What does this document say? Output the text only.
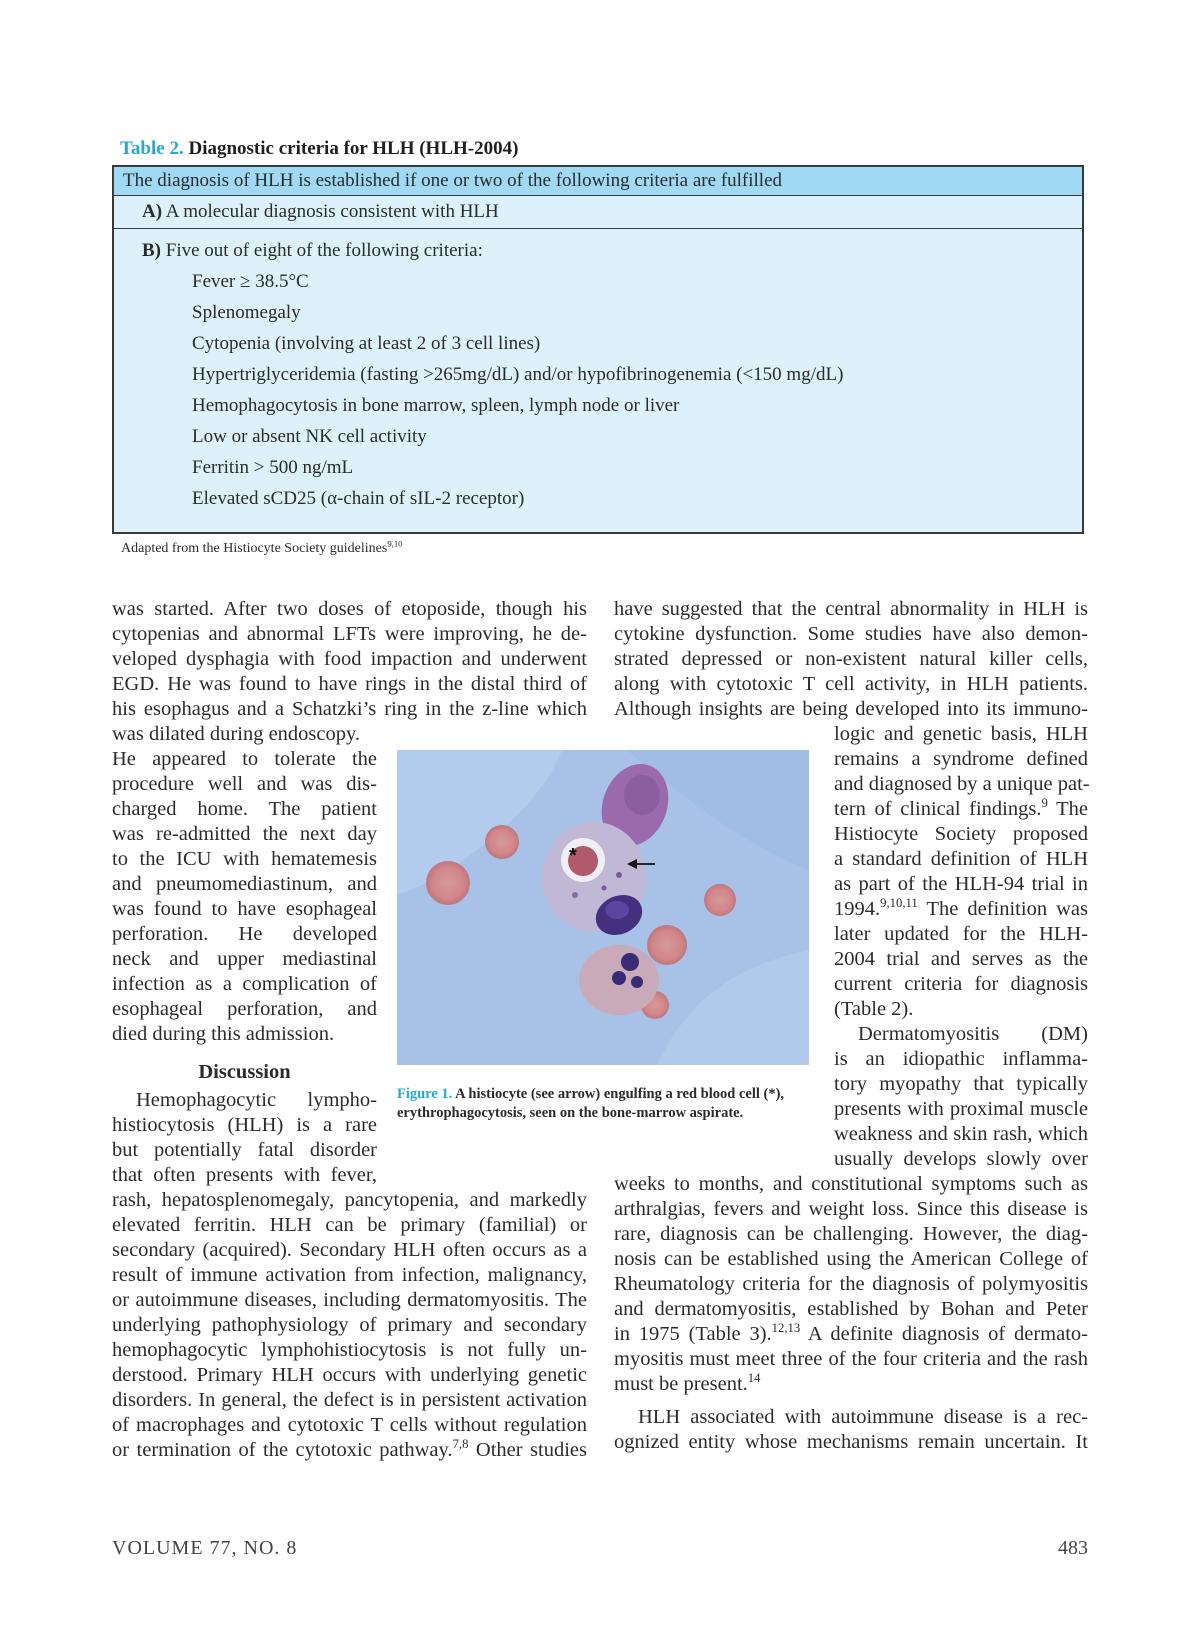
Table 2. Diagnostic criteria for HLH (HLH-2004)
The diagnosis of HLH is established if one or two of the following criteria are fulfilled
A) A molecular diagnosis consistent with HLH
B) Five out of eight of the following criteria:
Fever ≥ 38.5°C
Splenomegaly
Cytopenia (involving at least 2 of 3 cell lines)
Hypertriglyceridemia (fasting >265mg/dL) and/or hypofibrinogenemia (<150 mg/dL)
Hemophagocytosis in bone marrow, spleen, lymph node or liver
Low or absent NK cell activity
Ferritin > 500 ng/mL
Elevated sCD25 (α-chain of sIL-2 receptor)
Adapted from the Histiocyte Society guidelines$^{9,10}$
was started. After two doses of etoposide, though his
cytopenias and abnormal LFTs were improving, he de-
veloped dysphagia with food impaction and underwent
EGD. He was found to have rings in the distal third of
his esophagus and a Schatzki’s ring in the z-line which
was dilated during endoscopy.
He appeared to tolerate the
procedure well and was dis-
charged home. The patient
was re-admitted the next day
to the ICU with hematemesis
and pneumomediastinum, and
was found to have esophageal
perforation. He developed
neck and upper mediastinal
infection as a complication of
esophageal perforation, and
died during this admission.
Discussion
Hemophagocytic lympho-
histiocytosis (HLH) is a rare
but potentially fatal disorder
that often presents with fever,
rash, hepatosplenomegaly, pancytopenia, and markedly
elevated ferritin. HLH can be primary (familial) or
secondary (acquired). Secondary HLH often occurs as a
result of immune activation from infection, malignancy,
or autoimmune diseases, including dermatomyositis. The
underlying pathophysiology of primary and secondary
hemophagocytic lymphohistiocytosis is not fully un-
derstood. Primary HLH occurs with underlying genetic
disorders. In general, the defect is in persistent activation
of macrophages and cytotoxic T cells without regulation
or termination of the cytotoxic pathway.$^{7,8}$ Other studies
have suggested that the central abnormality in HLH is
cytokine dysfunction. Some studies have also demon-
strated depressed or non-existent natural killer cells,
along with cytotoxic T cell activity, in HLH patients.
Although insights are being developed into its immuno-
logic and genetic basis, HLH
remains a syndrome defined
and diagnosed by a unique pat-
tern of clinical findings.$^9$ The
Histiocyte Society proposed
a standard definition of HLH
as part of the HLH-94 trial in
1994.$^{9,10,11}$ The definition was
later updated for the HLH-
2004 trial and serves as the
current criteria for diagnosis
(Table 2).
Dermatomyositis (DM)
is an idiopathic inflamma-
tory myopathy that typically
presents with proximal muscle
weakness and skin rash, which
usually develops slowly over
weeks to months, and constitutional symptoms such as
arthralgias, fevers and weight loss. Since this disease is
rare, diagnosis can be challenging. However, the diag-
nosis can be established using the American College of
Rheumatology criteria for the diagnosis of polymyositis
and dermatomyositis, established by Bohan and Peter
in 1975 (Table 3).$^{12,13}$ A definite diagnosis of dermato-
myositis must meet three of the four criteria and the rash
must be present.$^{14}$
HLH associated with autoimmune disease is a rec-
ognized entity whose mechanisms remain uncertain. It
*
Figure 1. A histiocyte (see arrow) engulfing a red blood cell (*), erythrophagocytosis, seen on the bone-marrow aspirate.
VOLUME 77, NO. 8	483
